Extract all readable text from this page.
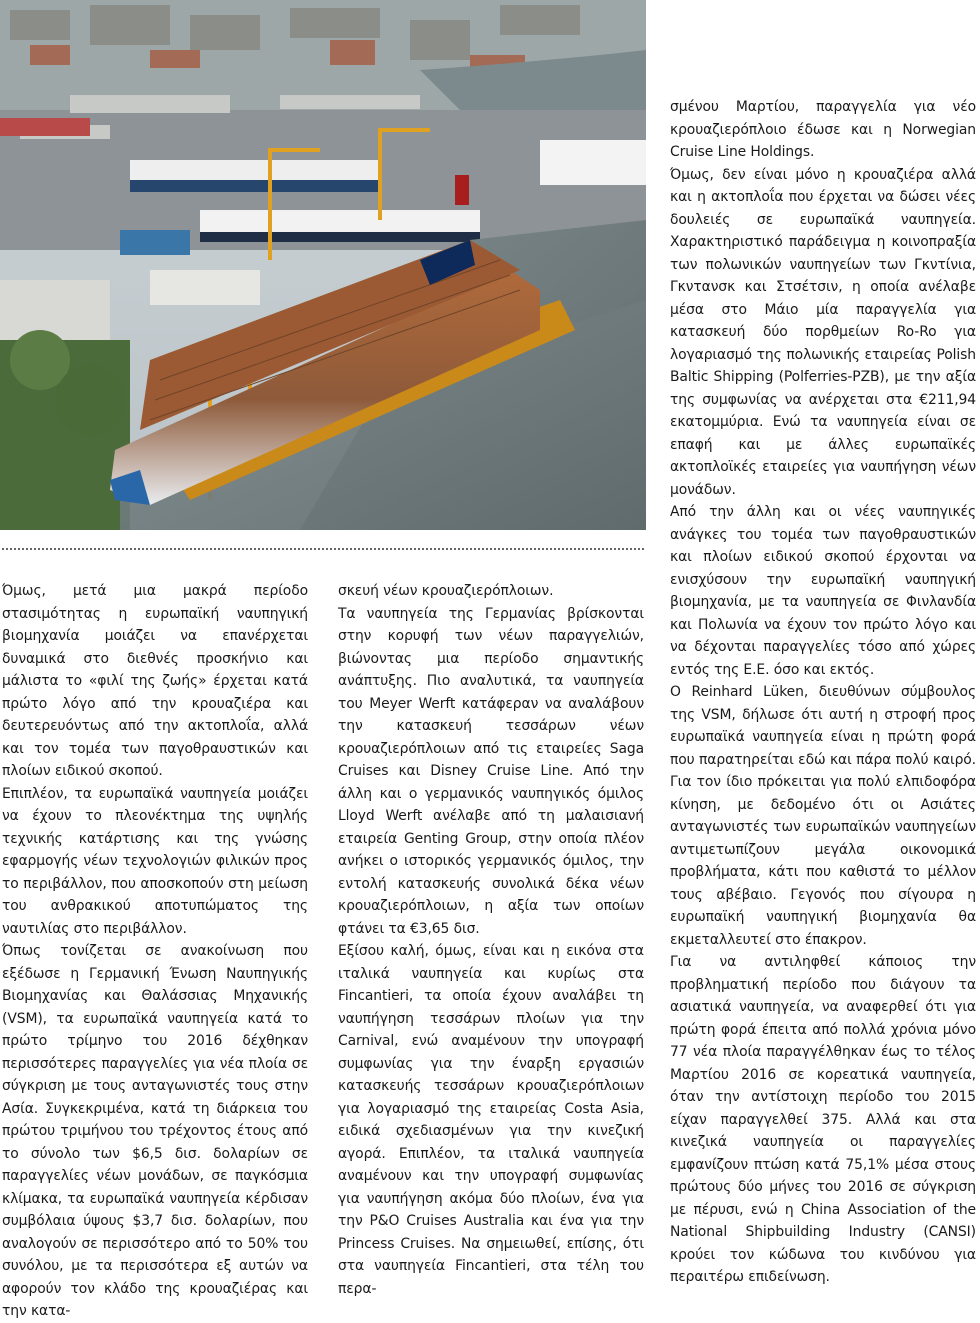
Όμως, μετά μια μακρά περίοδο στασιμότητας η ευρωπαϊκή ναυπηγική βιομηχανία μοιάζει να επανέρχεται δυναμικά στο διεθνές προσκήνιο και μάλιστα το «φιλί της ζωής» έρχεται κατά πρώτο λόγο από την κρουαζιέρα και δευτερευόντως από την ακτοπλοΐα, αλλά και τον τομέα των παγοθραυστικών και πλοίων ειδικού σκοπού.

Επιπλέον, τα ευρωπαϊκά ναυπηγεία μοιάζει να έχουν το πλεονέκτημα της υψηλής τεχνικής κατάρτισης και της γνώσης εφαρμογής νέων τεχνολογιών φιλικών προς το περιβάλλον, που αποσκοπούν στη μείωση του ανθρακικού αποτυπώματος της ναυτιλίας στο περιβάλλον.

Όπως τονίζεται σε ανακοίνωση που εξέδωσε η Γερμανική Ένωση Ναυπηγικής Βιομηχανίας και Θαλάσσιας Μηχανικής (VSM), τα ευρωπαϊκά ναυπηγεία κατά το πρώτο τρίμηνο του 2016 δέχθηκαν περισσότερες παραγγελίες για νέα πλοία σε σύγκριση με τους ανταγωνιστές τους στην Ασία. Συγκεκριμένα, κατά τη διάρκεια του πρώτου τριμήνου του τρέχοντος έτους από το σύνολο των $6,5 δισ. δολαρίων σε παραγγελίες νέων μονάδων, σε παγκόσμια κλίμακα, τα ευρωπαϊκά ναυπηγεία κέρδισαν συμβόλαια ύψους $3,7 δισ. δολαρίων, που αναλογούν σε περισσότερο από το 50% του συνόλου, με τα περισσότερα εξ αυτών να αφορούν τον κλάδο της κρουαζιέρας και την κατα-

σκευή νέων κρουαζιερόπλοιων.

Τα ναυπηγεία της Γερμανίας βρίσκονται στην κορυφή των νέων παραγγελιών, βιώνοντας μια περίοδο σημαντικής ανάπτυξης. Πιο αναλυτικά, τα ναυπηγεία του Meyer Werft κατάφεραν να αναλάβουν την κατασκευή τεσσάρων νέων κρουαζιερόπλοιων από τις εταιρείες Saga Cruises και Disney Cruise Line. Από την άλλη και ο γερμανικός ναυπηγικός όμιλος Lloyd Werft ανέλαβε από τη μαλαισιανή εταιρεία Genting Group, στην οποία πλέον ανήκει ο ιστορικός γερμανικός όμιλος, την εντολή κατασκευής συνολικά δέκα νέων κρουαζιερόπλοιων, η αξία των οποίων φτάνει τα €3,65 δισ.

Εξίσου καλή, όμως, είναι και η εικόνα στα ιταλικά ναυπηγεία και κυρίως στα Fincantieri, τα οποία έχουν αναλάβει τη ναυπήγηση τεσσάρων πλοίων για την Carnival, ενώ αναμένουν την υπογραφή συμφωνίας για την έναρξη εργασιών κατασκευής τεσσάρων κρουαζιερόπλοιων για λογαριασμό της εταιρείας Costa Asia, ειδικά σχεδιασμένων για την κινεζική αγορά. Επιπλέον, τα ιταλικά ναυπηγεία αναμένουν και την υπογραφή συμφωνίας για ναυπήγηση ακόμα δύο πλοίων, ένα για την P&O Cruises Australia και ένα για την Princess Cruises. Να σημειωθεί, επίσης, ότι στα ναυπηγεία Fincantieri, στα τέλη του περα-

σμένου Μαρτίου, παραγγελία για νέο κρουαζιερόπλοιο έδωσε και η Norwegian Cruise Line Holdings.

Όμως, δεν είναι μόνο η κρουαζιέρα αλλά και η ακτοπλοΐα που έρχεται να δώσει νέες δουλειές σε ευρωπαϊκά ναυπηγεία. Χαρακτηριστικό παράδειγμα η κοινοπραξία των πολωνικών ναυπηγείων των Γκντίνια, Γκντανσκ και Στσέτσιν, η οποία ανέλαβε μέσα στο Μάιο μία παραγγελία για κατασκευή δύο πορθμείων Ro-Ro για λογαριασμό της πολωνικής εταιρείας Polish Baltic Shipping (Polferries-PZB), με την αξία της συμφωνίας να ανέρχεται στα €211,94 εκατομμύρια. Ενώ τα ναυπηγεία είναι σε επαφή και με άλλες ευρωπαϊκές ακτοπλοϊκές εταιρείες για ναυπήγηση νέων μονάδων.

Από την άλλη και οι νέες ναυπηγικές ανάγκες του τομέα των παγοθραυστικών και πλοίων ειδικού σκοπού έρχονται να ενισχύσουν την ευρωπαϊκή ναυπηγική βιομηχανία, με τα ναυπηγεία σε Φινλανδία και Πολωνία να έχουν τον πρώτο λόγο και να δέχονται παραγγελίες τόσο από χώρες εντός της Ε.Ε. όσο και εκτός.

Ο Reinhard Lüken, διευθύνων σύμβουλος της VSM, δήλωσε ότι αυτή η στροφή προς ευρωπαϊκά ναυπηγεία είναι η πρώτη φορά που παρατηρείται εδώ και πάρα πολύ καιρό. Για τον ίδιο πρόκειται για πολύ ελπιδοφόρα κίνηση, με δεδομένο ότι οι Ασιάτες ανταγωνιστές των ευρωπαϊκών ναυπηγείων αντιμετωπίζουν μεγάλα οικονομικά προβλήματα, κάτι που καθιστά το μέλλον τους αβέβαιο. Γεγονός που σίγουρα η ευρωπαϊκή ναυπηγική βιομηχανία θα εκμεταλλευτεί στο έπακρον.

Για να αντιληφθεί κάποιος την προβληματική περίοδο που διάγουν τα ασιατικά ναυπηγεία, να αναφερθεί ότι για πρώτη φορά έπειτα από πολλά χρόνια μόνο 77 νέα πλοία παραγγέλθηκαν έως το τέλος Μαρτίου 2016 σε κορεατικά ναυπηγεία, όταν την αντίστοιχη περίοδο του 2015 είχαν παραγγελθεί 375. Αλλά και στα κινεζικά ναυπηγεία οι παραγγελίες εμφανίζουν πτώση κατά 75,1% μέσα στους πρώτους δύο μήνες του 2016 σε σύγκριση με πέρυσι, ενώ η China Association of the National Shipbuilding Industry (CANSI) κρούει τον κώδωνα του κινδύνου για περαιτέρω επιδείνωση.
